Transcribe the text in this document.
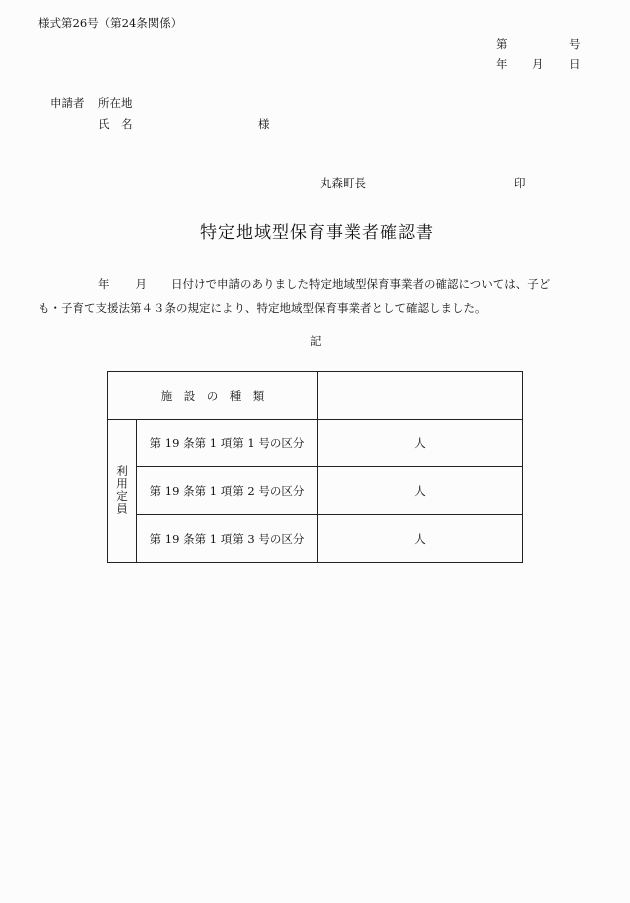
様式第26号（第24条関係）
第	号
年 月 日
申請者 所在地
氏　名	様
丸森町長	印
特定地域型保育事業者確認書
年 月 日付けで申請のありました特定地域型保育事業者の確認については、子ど
も・子育て支援法第４３条の規定により、特定地域型保育事業者として確認しました。
記
施　設　の　種　類		
利用定員	第 19 条第 1 項第 1 号の区分	人
	第 19 条第 1 項第 2 号の区分	人
	第 19 条第 1 項第 3 号の区分	人
